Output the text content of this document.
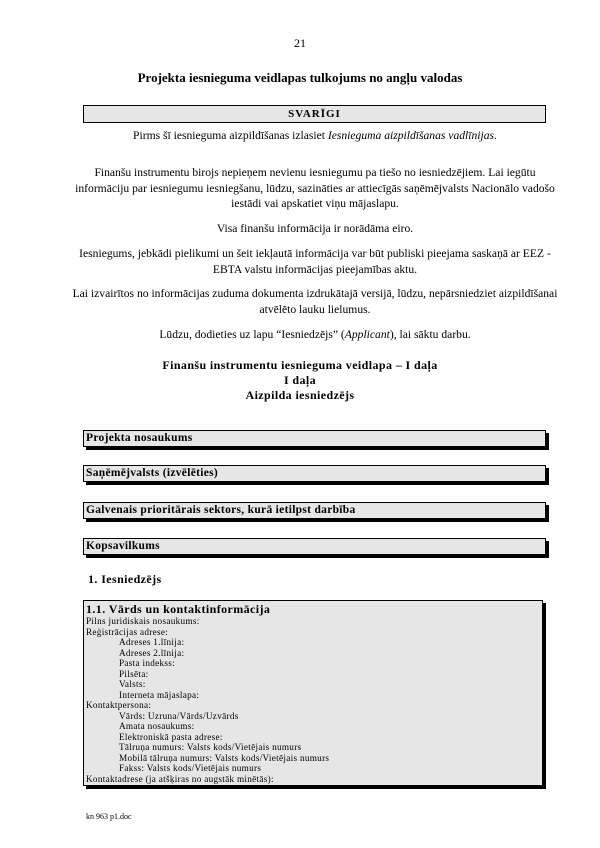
21
Projekta iesnieguma veidlapas tulkojums no angļu valodas
SVARĪGI
Pirms šī iesnieguma aizpildīšanas izlasiet Iesnieguma aizpildīšanas vadlīnijas.
Finanšu instrumentu birojs nepieņem nevienu iesniegumu pa tiešo no iesniedzējiem. Lai iegūtu informāciju par iesniegumu iesniegšanu, lūdzu, sazināties ar attiecīgās saņēmējvalsts Nacionālo vadošo iestādi vai apskatiet viņu mājaslapu.
Visa finanšu informācija ir norādāma eiro.
Iesniegums, jebkādi pielikumi un šeit iekļautā informācija var būt publiski pieejama saskaņā ar EEZ - EBTA valstu informācijas pieejamības aktu.
Lai izvairītos no informācijas zuduma dokumenta izdrukātajā versijā, lūdzu, nepārsniedziet aizpildīšanai atvēlēto lauku lielumus.
Lūdzu, dodieties uz lapu “Iesniedzējs” (Applicant), lai sāktu darbu.
Finanšu instrumentu iesnieguma veidlapa – I daļa
I daļa
Aizpilda iesniedzējs
Projekta nosaukums
Saņēmējvalsts (izvēlēties)
Galvenais prioritārais sektors, kurā ietilpst darbība
Kopsavilkums
1. Iesniedzējs
1.1. Vārds un kontaktinformācija
Pilns juridiskais nosaukums:
Reģistrācijas adrese:
Adreses 1.līnija:
Adreses 2.līnija:
Pasta indekss:
Pilsēta:
Valsts:
Interneta mājaslapa:
Kontaktpersona:
Vārds: Uzruna/Vārds/Uzvārds
Amata nosaukums:
Elektroniskā pasta adrese:
Tālruņa numurs: Valsts kods/Vietējais numurs
Mobilā tālruņa numurs: Valsts kods/Vietējais numurs
Fakss: Valsts kods/Vietējais numurs
Kontaktadrese (ja atšķiras no augstāk minētās):
kn 963 p1.doc
